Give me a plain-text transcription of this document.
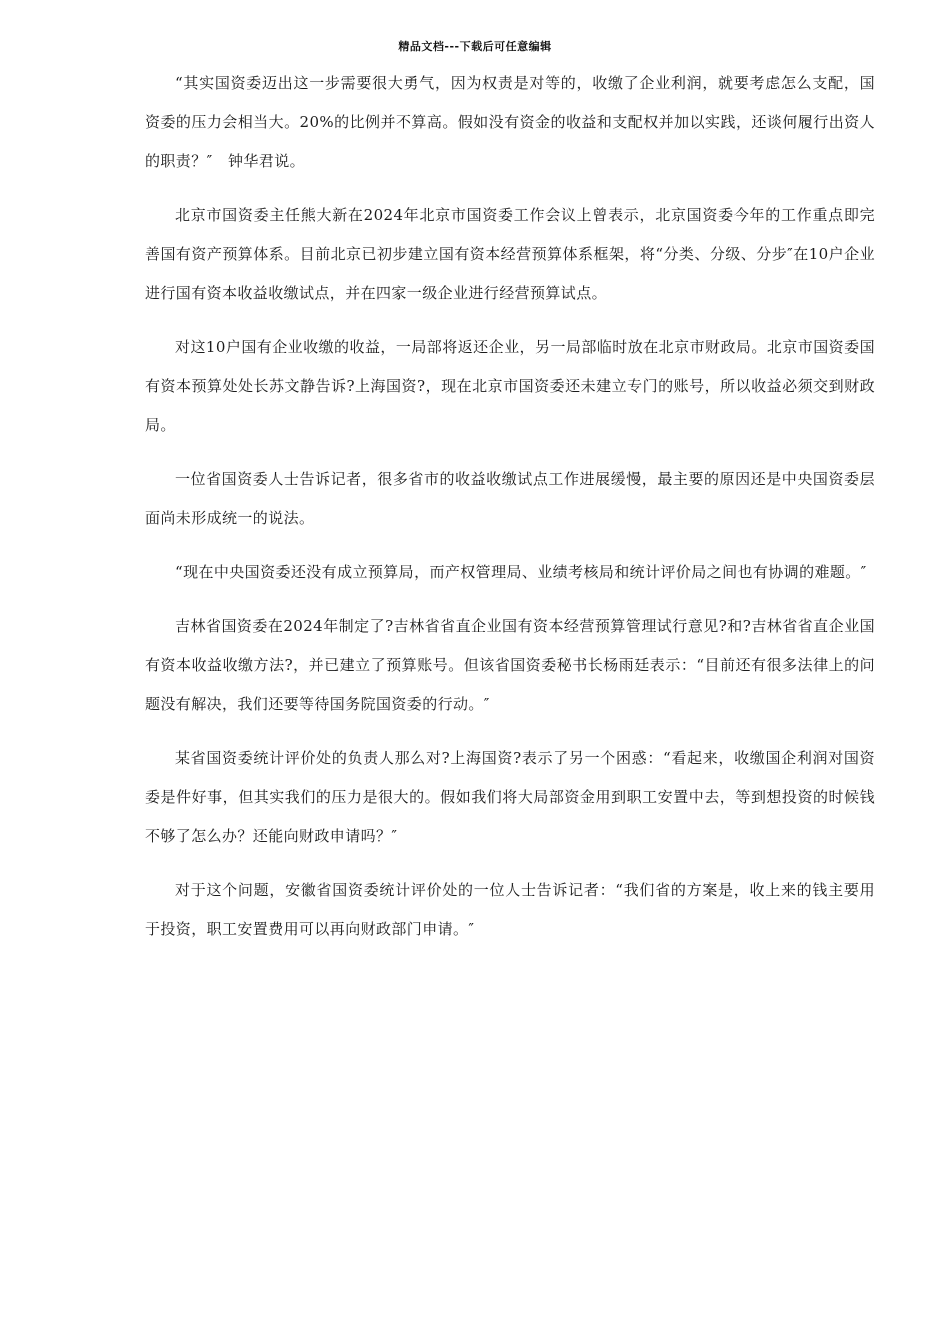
精品文档---下载后可任意编辑

“其实国资委迈出这一步需要很大勇气，因为权责是对等的，收缴了企业利润，就要考虑怎么支配，国资委的压力会相当大。20%的比例并不算高。假如没有资金的收益和支配权并加以实践，还谈何履行出资人的职责？″　钟华君说。

北京市国资委主任熊大新在2024年北京市国资委工作会议上曾表示，北京国资委今年的工作重点即完善国有资产预算体系。目前北京已初步建立国有资本经营预算体系框架，将“分类、分级、分步″在10户企业进行国有资本收益收缴试点，并在四家一级企业进行经营预算试点。

对这10户国有企业收缴的收益，一局部将返还企业，另一局部临时放在北京市财政局。北京市国资委国有资本预算处处长苏文静告诉?上海国资?，现在北京市国资委还未建立专门的账号，所以收益必须交到财政局。

一位省国资委人士告诉记者，很多省市的收益收缴试点工作进展缓慢，最主要的原因还是中央国资委层面尚未形成统一的说法。

“现在中央国资委还没有成立预算局，而产权管理局、业绩考核局和统计评价局之间也有协调的难题。″

吉林省国资委在2024年制定了?吉林省省直企业国有资本经营预算管理试行意见?和?吉林省省直企业国有资本收益收缴方法?，并已建立了预算账号。但该省国资委秘书长杨雨廷表示：“目前还有很多法律上的问题没有解决，我们还要等待国务院国资委的行动。″

某省国资委统计评价处的负责人那么对?上海国资?表示了另一个困惑：“看起来，收缴国企利润对国资委是件好事，但其实我们的压力是很大的。假如我们将大局部资金用到职工安置中去，等到想投资的时候钱不够了怎么办？还能向财政申请吗？″

对于这个问题，安徽省国资委统计评价处的一位人士告诉记者：“我们省的方案是，收上来的钱主要用于投资，职工安置费用可以再向财政部门申请。″
